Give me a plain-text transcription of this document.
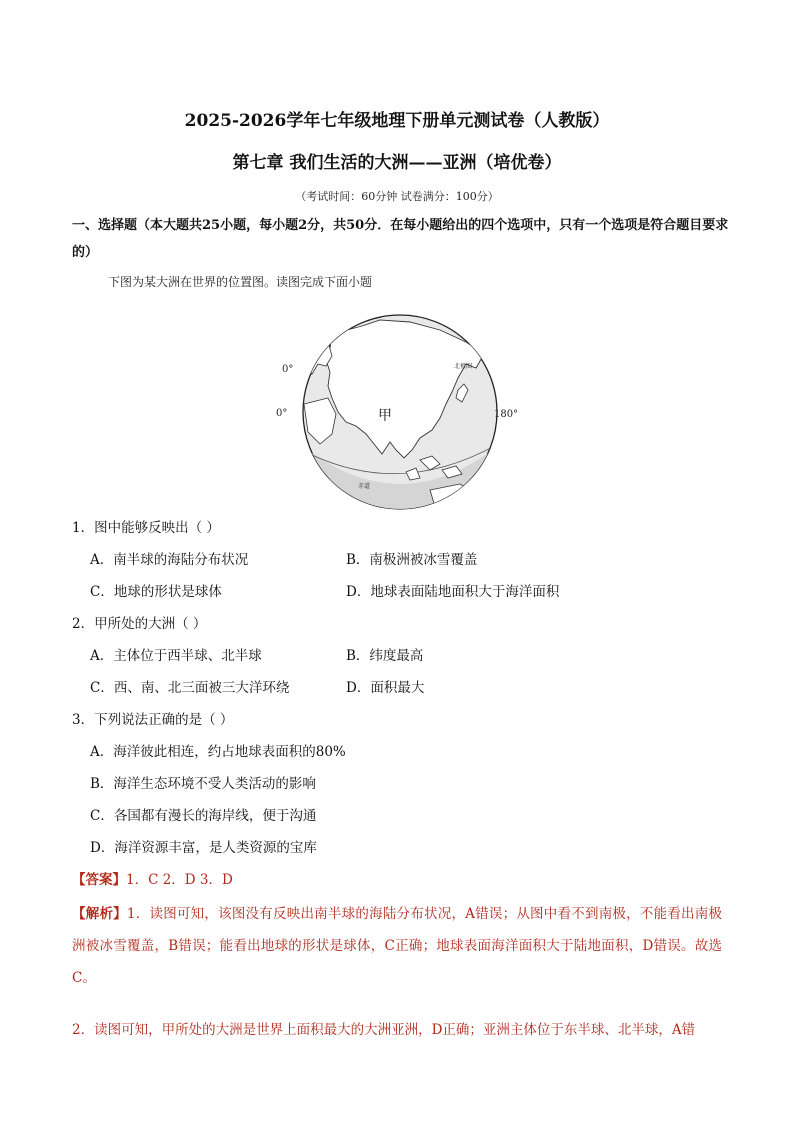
2025-2026学年七年级地理下册单元测试卷（人教版）
第七章 我们生活的大洲——亚洲（培优卷）
（考试时间：60分钟 试卷满分：100分）
一、选择题（本大题共25小题，每小题2分，共50分．在每小题给出的四个选项中，只有一个选项是符合题目要求的）
下图为某大洲在世界的位置图。读图完成下面小题
0°
0°	180°
甲
北极圈
赤道
1．图中能够反映出（ ）
A．南半球的海陆分布状况	B．南极洲被冰雪覆盖
C．地球的形状是球体	D．地球表面陆地面积大于海洋面积
2．甲所处的大洲（ ）
A．主体位于西半球、北半球	B．纬度最高
C．西、南、北三面被三大洋环绕	D．面积最大
3．下列说法正确的是（ ）
A．海洋彼此相连，约占地球表面积的80%
B．海洋生态环境不受人类活动的影响
C．各国都有漫长的海岸线，便于沟通
D．海洋资源丰富，是人类资源的宝库
【答案】1．C 2．D 3．D
【解析】1．读图可知，该图没有反映出南半球的海陆分布状况，A错误；从图中看不到南极，不能看出南极洲被冰雪覆盖，B错误；能看出地球的形状是球体，C正确；地球表面海洋面积大于陆地面积，D错误。故选C。
2．读图可知，甲所处的大洲是世界上面积最大的大洲亚洲，D正确；亚洲主体位于东半球、北半球，A错
